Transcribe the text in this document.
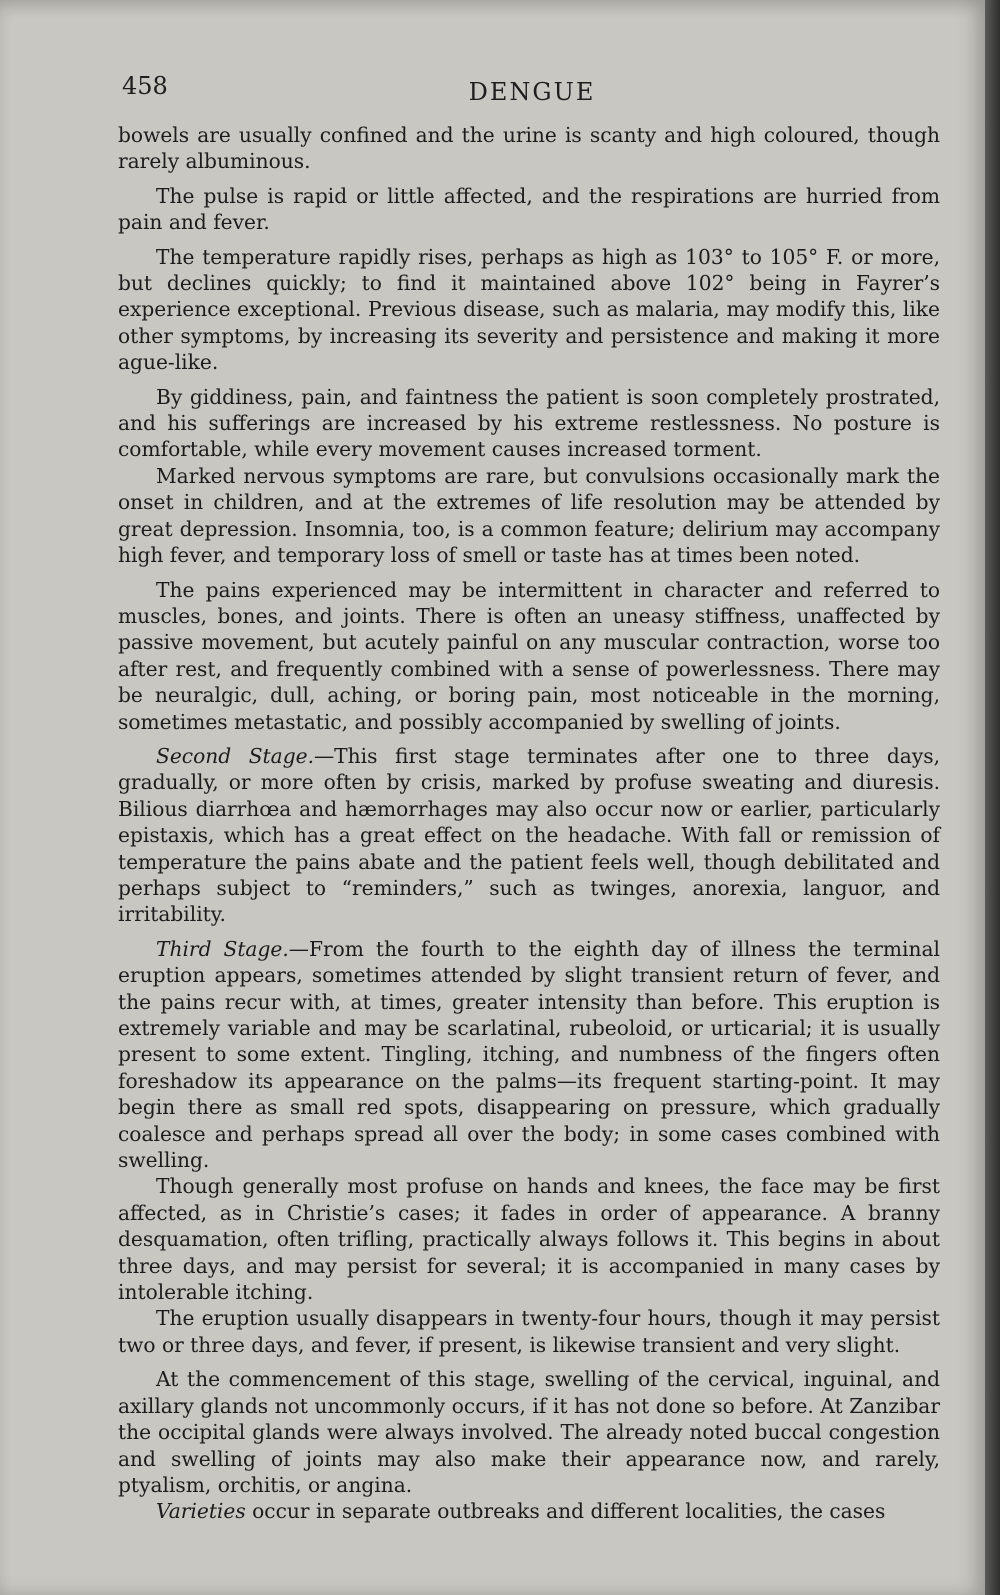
458	DENGUE

bowels are usually confined and the urine is scanty and high coloured, though rarely albuminous.

The pulse is rapid or little affected, and the respirations are hurried from pain and fever.

The temperature rapidly rises, perhaps as high as 103° to 105° F. or more, but declines quickly; to find it maintained above 102° being in Fayrer’s experience exceptional. Previous disease, such as malaria, may modify this, like other symptoms, by increasing its severity and persistence and making it more ague-like.

By giddiness, pain, and faintness the patient is soon completely prostrated, and his sufferings are increased by his extreme restlessness. No posture is comfortable, while every movement causes increased torment.

Marked nervous symptoms are rare, but convulsions occasionally mark the onset in children, and at the extremes of life resolution may be attended by great depression. Insomnia, too, is a common feature; delirium may accompany high fever, and temporary loss of smell or taste has at times been noted.

The pains experienced may be intermittent in character and referred to muscles, bones, and joints. There is often an uneasy stiffness, unaffected by passive movement, but acutely painful on any muscular contraction, worse too after rest, and frequently combined with a sense of powerlessness. There may be neuralgic, dull, aching, or boring pain, most noticeable in the morning, sometimes metastatic, and possibly accompanied by swelling of joints.

Second Stage.—This first stage terminates after one to three days, gradually, or more often by crisis, marked by profuse sweating and diuresis. Bilious diarrhœa and hæmorrhages may also occur now or earlier, particularly epistaxis, which has a great effect on the headache. With fall or remission of temperature the pains abate and the patient feels well, though debilitated and perhaps subject to “reminders,” such as twinges, anorexia, languor, and irritability.

Third Stage.—From the fourth to the eighth day of illness the terminal eruption appears, sometimes attended by slight transient return of fever, and the pains recur with, at times, greater intensity than before. This eruption is extremely variable and may be scarlatinal, rubeoloid, or urticarial; it is usually present to some extent. Tingling, itching, and numbness of the fingers often foreshadow its appearance on the palms—its frequent starting-point. It may begin there as small red spots, disappearing on pressure, which gradually coalesce and perhaps spread all over the body; in some cases combined with swelling.

Though generally most profuse on hands and knees, the face may be first affected, as in Christie’s cases; it fades in order of appearance. A branny desquamation, often trifling, practically always follows it. This begins in about three days, and may persist for several; it is accompanied in many cases by intolerable itching.

The eruption usually disappears in twenty-four hours, though it may persist two or three days, and fever, if present, is likewise transient and very slight.

At the commencement of this stage, swelling of the cervical, inguinal, and axillary glands not uncommonly occurs, if it has not done so before. At Zanzibar the occipital glands were always involved. The already noted buccal congestion and swelling of joints may also make their appearance now, and rarely, ptyalism, orchitis, or angina.

Varieties occur in separate outbreaks and different localities, the cases
